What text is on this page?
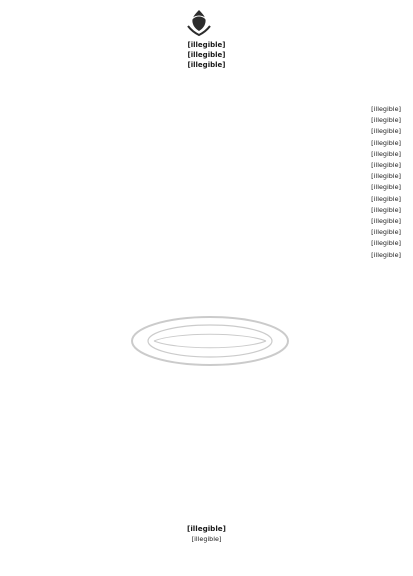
[illegible]
[illegible]
[illegible]

[illegible]

[illegible]

[illegible]

[illegible]

[illegible]

[illegible]

[illegible]

[illegible]

[illegible]

[illegible]

[illegible]

[illegible]

[illegible]

[illegible]

[illegible]
[illegible]
